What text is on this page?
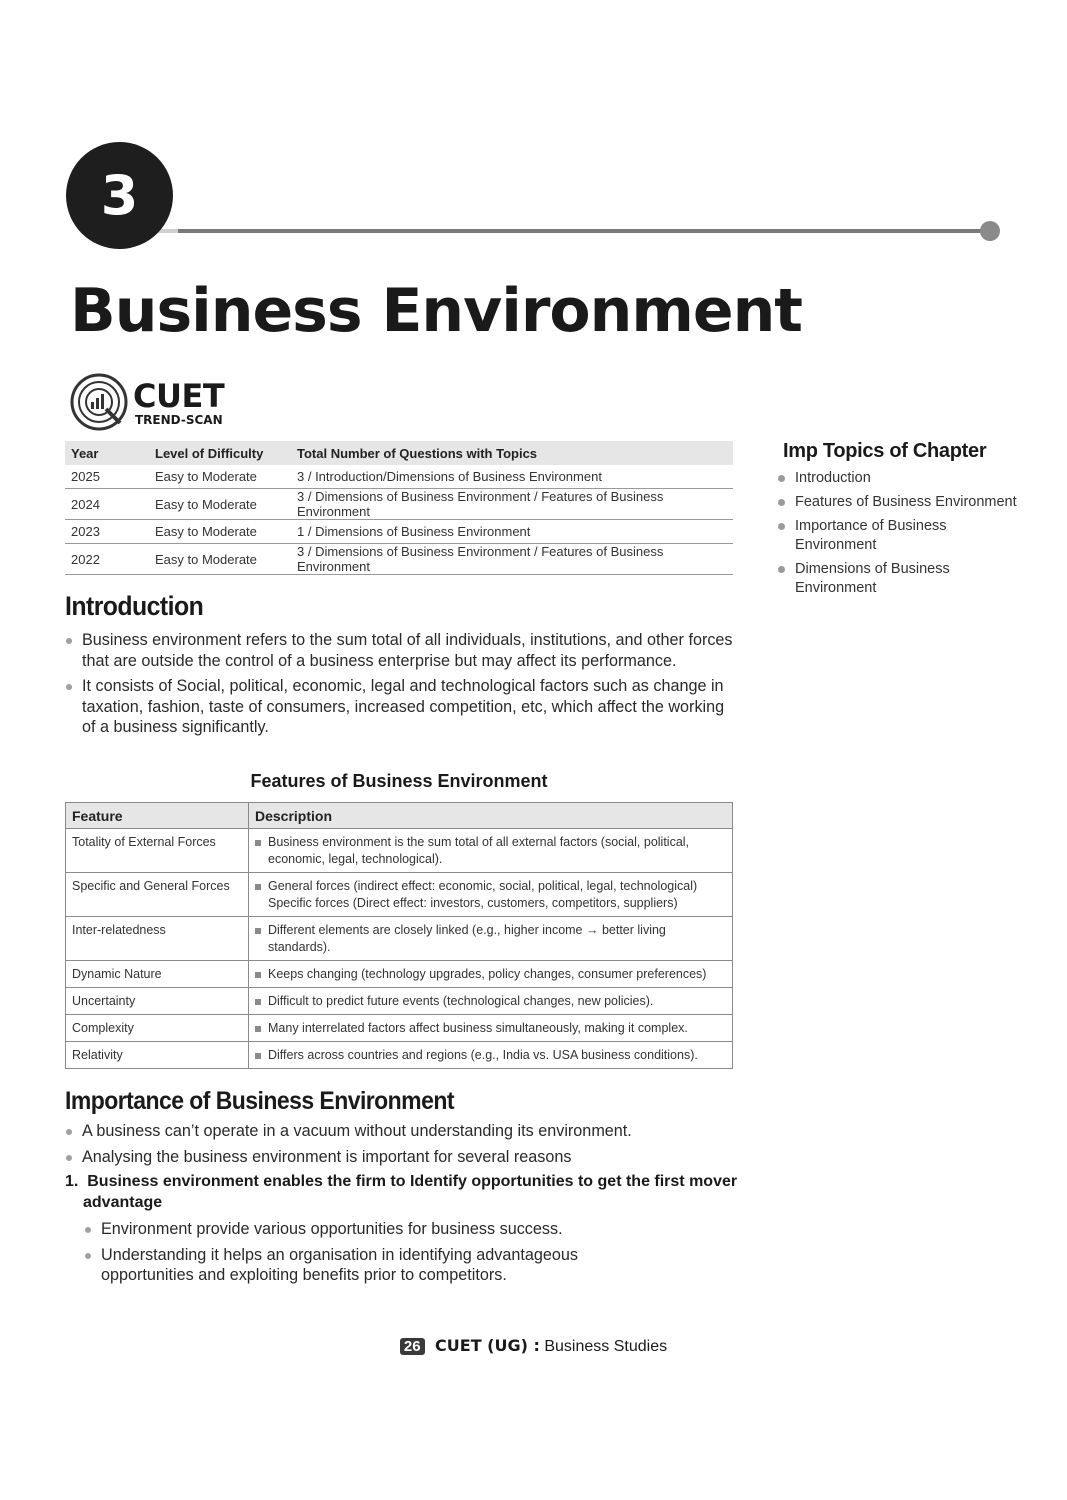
3
Business Environment
CUET
TREND-SCAN
Year	Level of Difficulty	Total Number of Questions with Topics
2025	Easy to Moderate	3 / Introduction/Dimensions of Business Environment
2024	Easy to Moderate	3 / Dimensions of Business Environment / Features of Business Environment
2023	Easy to Moderate	1 / Dimensions of Business Environment
2022	Easy to Moderate	3 / Dimensions of Business Environment / Features of Business Environment
Imp Topics of Chapter
Introduction
Features of Business Environment
Importance of Business Environment
Dimensions of Business Environment
Introduction
Business environment refers to the sum total of all individuals, institutions, and other forces that are outside the control of a business enterprise but may affect its performance.
It consists of Social, political, economic, legal and technological factors such as change in taxation, fashion, taste of consumers, increased competition, etc, which affect the working of a business significantly.
Features of Business Environment
Feature	Description
Totality of External Forces	Business environment is the sum total of all external factors (social, political, economic, legal, technological).

Specific and General Forces	General forces (indirect effect: economic, social, political, legal, technological) Specific forces (Direct effect: investors, customers, competitors, suppliers)

Inter-relatedness	Different elements are closely linked (e.g., higher income → better living standards).

Dynamic Nature	Keeps changing (technology upgrades, policy changes, consumer preferences)

Uncertainty	Difficult to predict future events (technological changes, new policies).

Complexity	Many interrelated factors affect business simultaneously, making it complex.

Relativity	Differs across countries and regions (e.g., India vs. USA business conditions).
Importance of Business Environment
A business can’t operate in a vacuum without understanding its environment.
Analysing the business environment is important for several reasons

1.  Business environment enables the firm to Identify opportunities to get the first mover advantage

Environment provide various opportunities for business success.
Understanding it helps an organisation in identifying advantageous opportunities and exploiting benefits prior to competitors.
26 CUET (UG) : Business Studies
